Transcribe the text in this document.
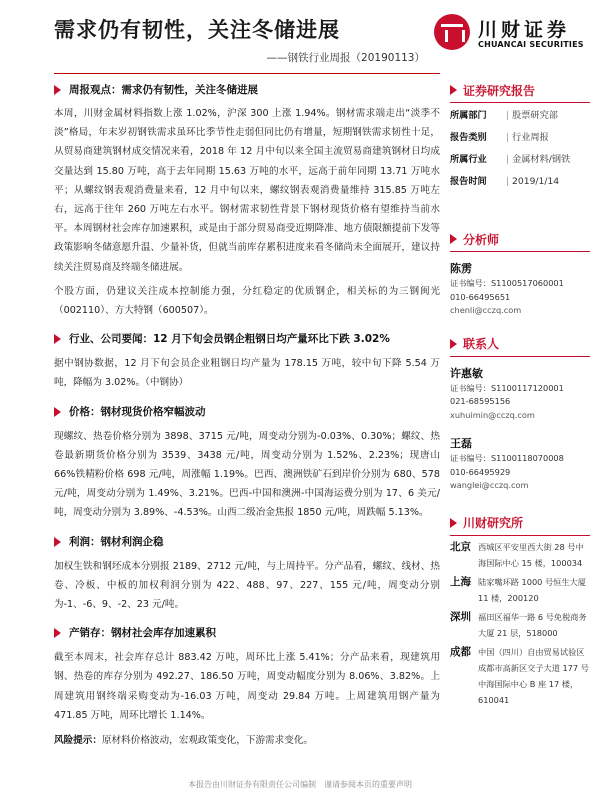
需求仍有韧性，关注冬储进展
——钢铁行业周报（20190113）
川财证券
CHUANCAI SECURITIES
周报观点：需求仍有韧性，关注冬储进展

本周，川财金属材料指数上涨 1.02%，沪深 300 上涨 1.94%。钢材需求端走出“淡季不淡”格局，年末岁初钢铁需求虽环比季节性走弱但同比仍有增量，短期钢铁需求韧性十足，从贸易商建筑钢材成交情况来看，2018 年 12 月中旬以来全国主流贸易商建筑钢材日均成交量达到 15.80 万吨，高于去年同期 15.63 万吨的水平，远高于前年同期 13.71 万吨水平；从螺纹钢表观消费量来看，12 月中旬以来，螺纹钢表观消费量维持 315.85 万吨左右，远高于往年 260 万吨左右水平。钢材需求韧性背景下钢材现货价格有望维持当前水平。本周钢材社会库存加速累积，或是由于部分贸易商受近期降准、地方债限额提前下发等政策影响冬储意愿升温、少量补货，但就当前库存累积进度来看冬储尚未全面展开，建议持续关注贸易商及终端冬储进展。

个股方面，仍建议关注成本控制能力强，分红稳定的优质钢企，相关标的为三钢闽光（002110）、方大特钢（600507）。

行业、公司要闻：12 月下旬会员钢企粗钢日均产量环比下跌 3.02%

据中钢协数据，12 月下旬会员企业粗钢日均产量为 178.15 万吨，较中旬下降 5.54 万吨，降幅为 3.02%。（中钢协）

价格：钢材现货价格窄幅波动

现螺纹、热卷价格分别为 3898、3715 元/吨，周变动分别为-0.03%、0.30%；螺纹、热卷最新期货价格分别为 3539、3438 元/吨，周变动分别为 1.52%、2.23%；现唐山 66%铁精粉价格 698 元/吨，周涨幅 1.19%。巴西、澳洲铁矿石到岸价分别为 680、578 元/吨，周变动分别为 1.49%、3.21%。巴西-中国和澳洲-中国海运费分别为 17、6 美元/吨，周变动分别为 3.89%、-4.53%。山西二级冶金焦报 1850 元/吨，周跌幅 5.13%。

利润：钢材利润企稳

加权生铁和钢坯成本分别报 2189、2712 元/吨，与上周持平。分产品看，螺纹、线材、热卷、冷板、中板的加权利润分别为 422、488、97、227、155 元/吨，周变动分别为-1、-6、9、-2、23 元/吨。

产销存：钢材社会库存加速累积

截至本周末，社会库存总计 883.42 万吨，周环比上涨 5.41%；分产品来看，现建筑用钢、热卷的库存分别为 492.27、186.50 万吨，周变动幅度分别为 8.06%、3.82%。上周建筑用钢终端采购变动为-16.03 万吨，周变动 29.84 万吨。上周建筑用钢产量为 471.85 万吨，周环比增长 1.14%。

风险提示：原材料价格波动，宏观政策变化，下游需求变化。

证券研究报告
所属部门	| 股票研究部
报告类别	| 行业周报
所属行业	| 金属材料/钢铁
报告时间	| 2019/1/14
分析师
陈雳
证书编号：S1100517060001
010-66495651
chenli@cczq.com
联系人
许惠敏
证书编号：S1100117120001
021-68595156
xuhuimin@cczq.com
王磊
证书编号：S1100118070008
010-66495929
wanglei@cczq.com
川财研究所
北京 西城区平安里西大街 28 号中海国际中心 15 楼，100034
上海 陆家嘴环路 1000 号恒生大厦 11 楼，200120
深圳 福田区福华一路 6 号免税商务大厦 21 层，518000
成都 中国（四川）自由贸易试验区成都市高新区交子大道 177 号中海国际中心 B 座 17 楼，610041
本报告由川财证券有限责任公司编制　谨请参阅本页的重要声明
